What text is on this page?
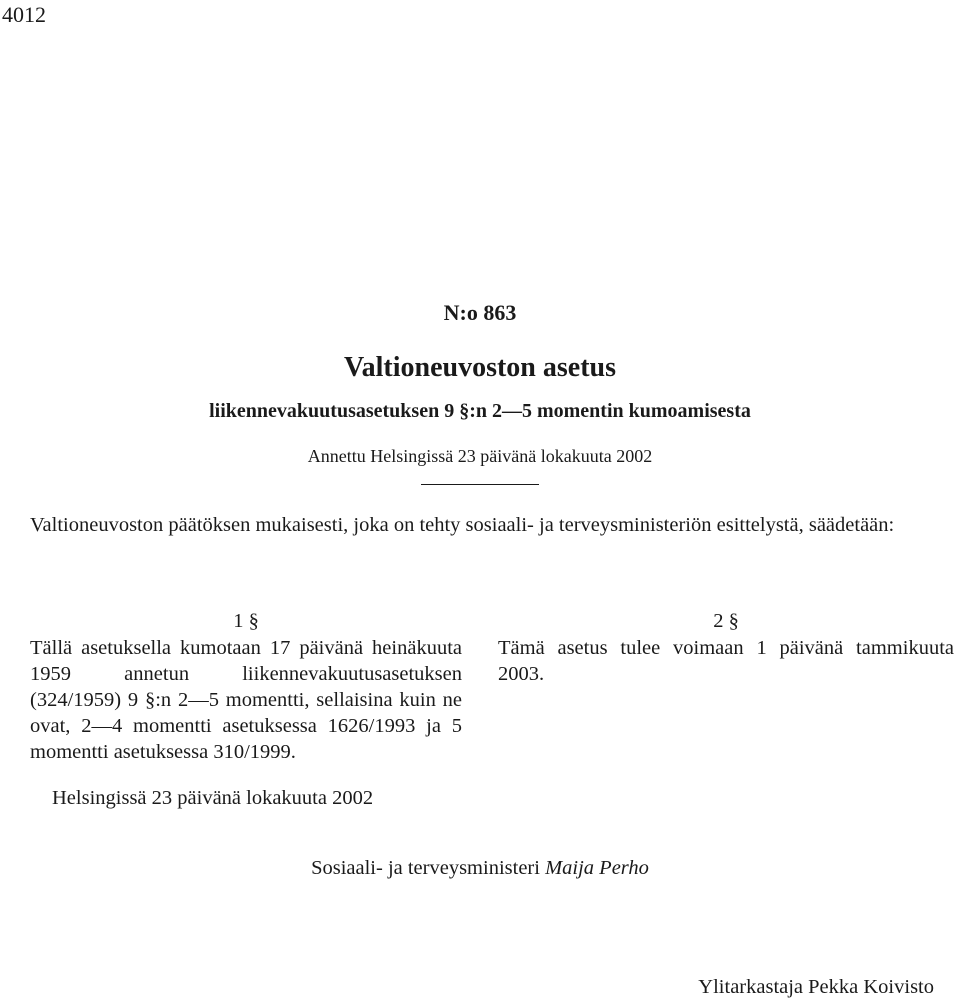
4012
N:o 863
Valtioneuvoston asetus
liikennevakuutusasetuksen 9 §:n 2—5 momentin kumoamisesta
Annettu Helsingissä 23 päivänä lokakuuta 2002
Valtioneuvoston päätöksen mukaisesti, joka on tehty sosiaali- ja terveysministeriön esittelystä, säädetään:
1 §
Tällä asetuksella kumotaan 17 päivänä heinäkuuta 1959 annetun liikennevakuutusasetuksen (324/1959) 9 §:n 2—5 momentti, sellaisina kuin ne ovat, 2—4 momentti asetuksessa 1626/1993 ja 5 momentti asetuksessa 310/1999.
2 §
Tämä asetus tulee voimaan 1 päivänä tammikuuta 2003.
Helsingissä 23 päivänä lokakuuta 2002
Sosiaali- ja terveysministeri Maija Perho
Ylitarkastaja Pekka Koivisto
